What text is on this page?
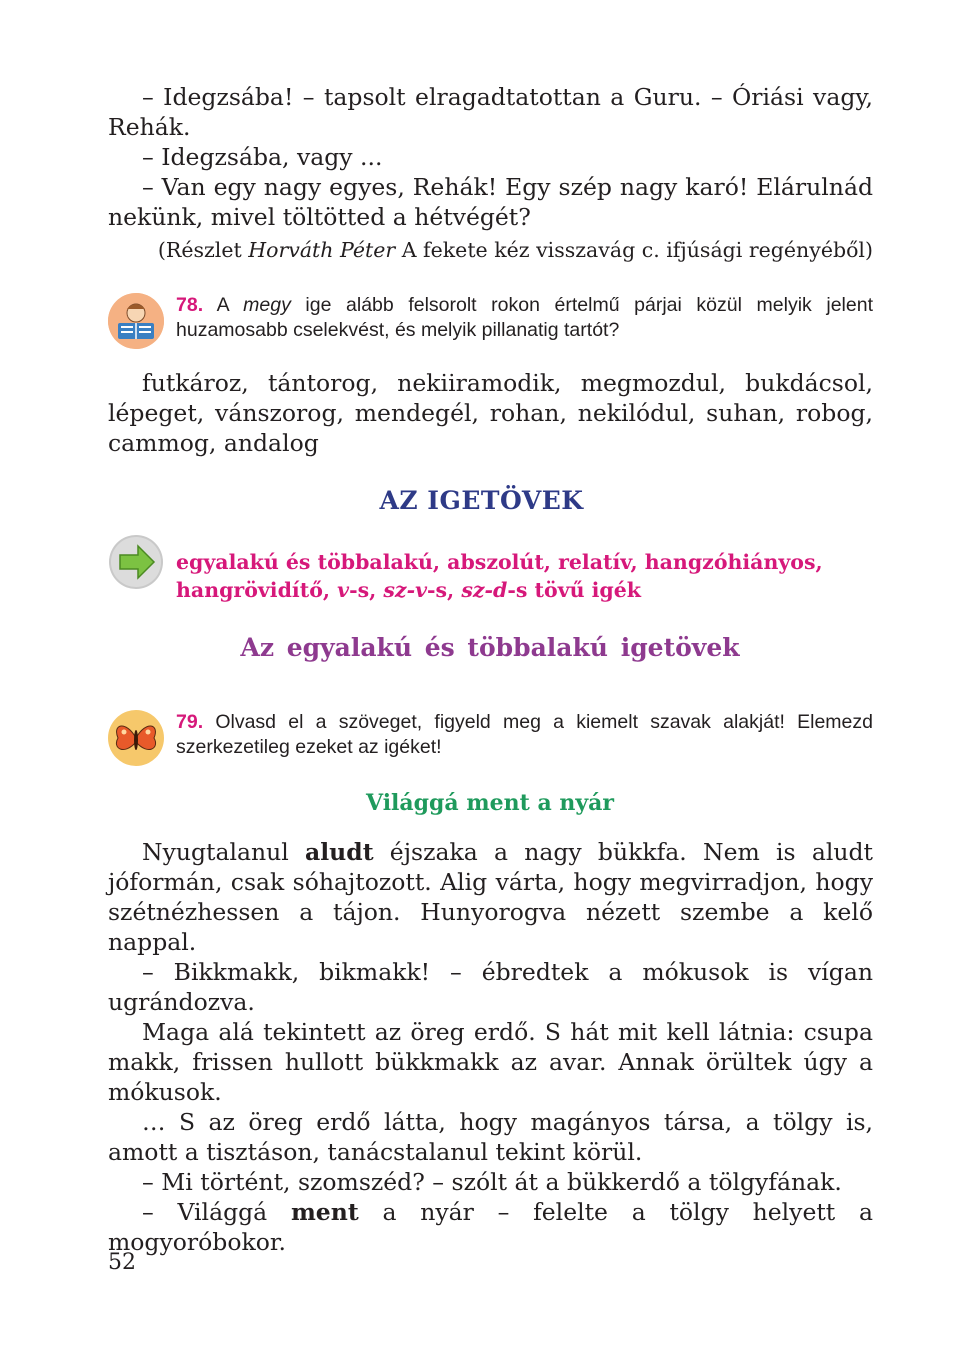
– Idegzsába! – tapsolt elragadtatottan a Guru. – Óriási vagy, Rehák.

– Idegzsába, vagy ...

– Van egy nagy egyes, Rehák! Egy szép nagy karó! Elárulnád nekünk, mivel töltötted a hétvégét?

(Részlet Horváth Péter A fekete kéz visszavág c. ifjúsági regényéből)
78. A megy ige alább felsorolt rokon értelmű párjai közül melyik jelent huzamosabb cselekvést, és melyik pillanatig tartót?

futkároz, tántorog, nekiiramodik, megmozdul, bukdácsol, lépeget, vánszorog, mendegél, rohan, nekilódul, suhan, robog, cammog, andalog

AZ IGETÖVEK
egyalakú és többalakú, abszolút, relatív, hangzóhiányos, hangrövidítő, v-s, sz-v-s, sz-d-s tövű igék
Az egyalakú és többalakú igetövek
79. Olvasd el a szöveget, figyeld meg a kiemelt szavak alakját! Elemezd szerkezetileg ezeket az igéket!
Világgá ment a nyár

Nyugtalanul aludt éjszaka a nagy bükkfa. Nem is aludt jóformán, csak sóhajtozott. Alig várta, hogy megvirradjon, hogy szétnézhessen a tájon. Hunyorogva nézett szembe a kelő nappal.

– Bikkmakk, bikmakk! – ébredtek a mókusok is vígan ugrándozva.

Maga alá tekintett az öreg erdő. S hát mit kell látnia: csupa makk, frissen hullott bükkmakk az avar. Annak örültek úgy a mókusok.

… S az öreg erdő látta, hogy magányos társa, a tölgy is, amott a tisztáson, tanácstalanul tekint körül.

– Mi történt, szomszéd? – szólt át a bükkerdő a tölgyfának.

– Világgá ment a nyár – felelte a tölgy helyett a mogyoróbokor.

52
